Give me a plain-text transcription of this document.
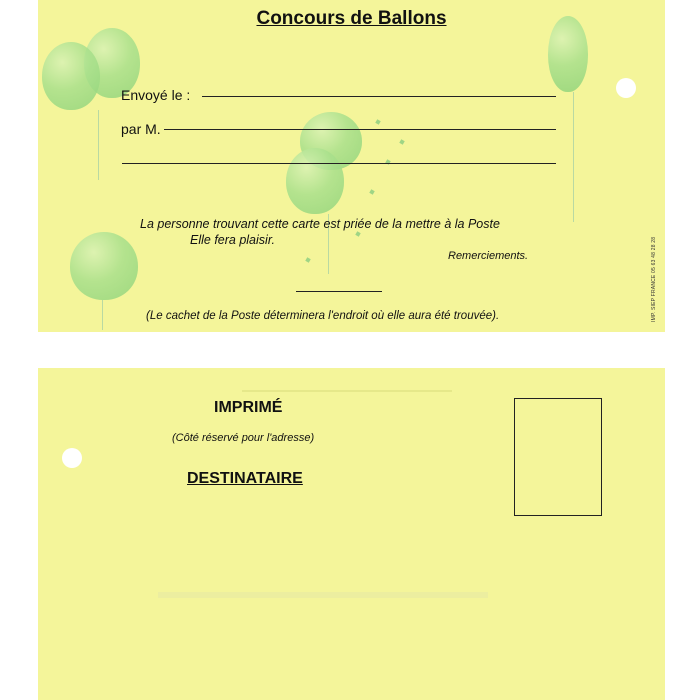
Concours de Ballons
Envoyé le :
par M.
La personne trouvant cette carte est priée de la mettre à la Poste
Elle fera plaisir.
Remerciements.
(Le cachet de la Poste déterminera l'endroit où elle aura été trouvée).	IMP. SIEP FRANCE 05 63 48 28 28
IMPRIMÉ
(Côté réservé pour l'adresse)
DESTINATAIRE
